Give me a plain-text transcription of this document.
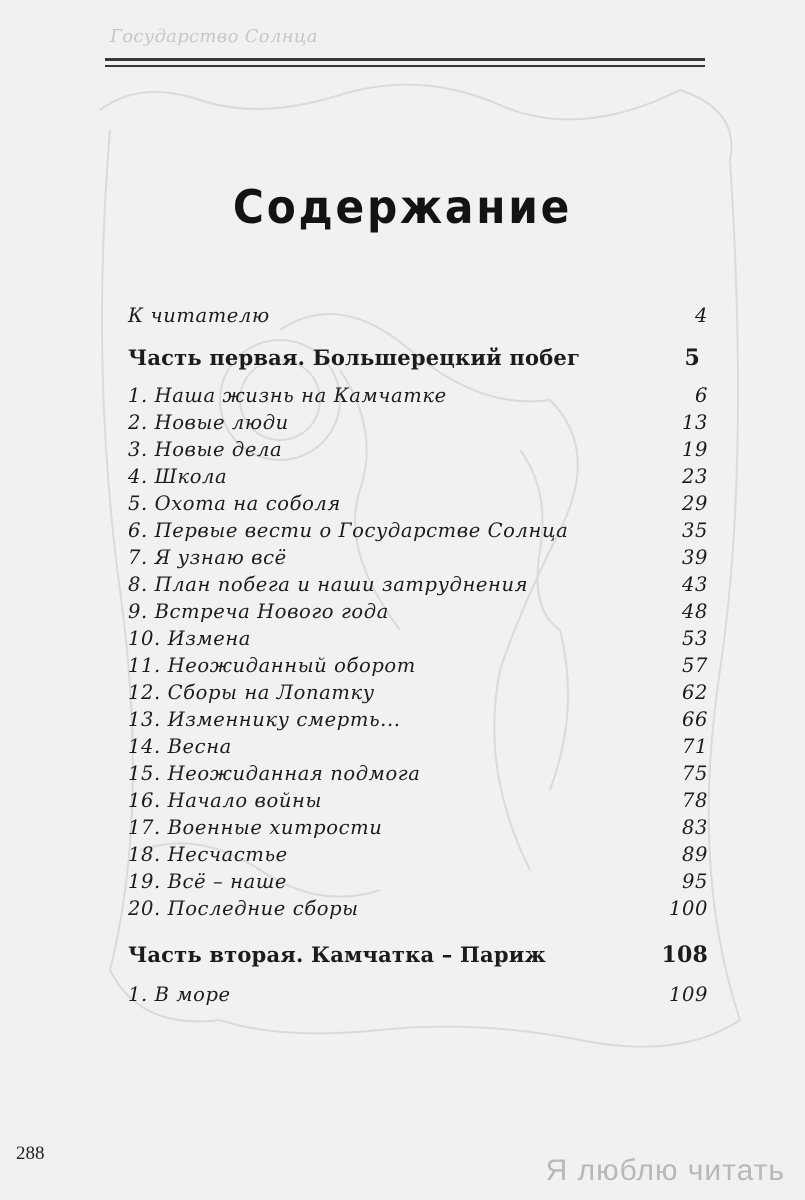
Государство Солнца
Содержание
К читателю	4
Часть первая. Большерецкий побег	5
1. Наша жизнь на Камчатке	6
2. Новые люди	13
3. Новые дела	19
4. Школа	23
5. Охота на соболя	29
6. Первые вести о Государстве Солнца	35
7. Я узнаю всё	39
8. План побега и наши затруднения	43
9. Встреча Нового года	48
10. Измена	53
11. Неожиданный оборот	57
12. Сборы на Лопатку	62
13. Изменнику смерть...	66
14. Весна	71
15. Неожиданная подмога	75
16. Начало войны	78
17. Военные хитрости	83
18. Несчастье	89
19. Всё – наше	95
20. Последние сборы	100
Часть вторая. Камчатка – Париж	108
1. В море	109
288
Я люблю читать
